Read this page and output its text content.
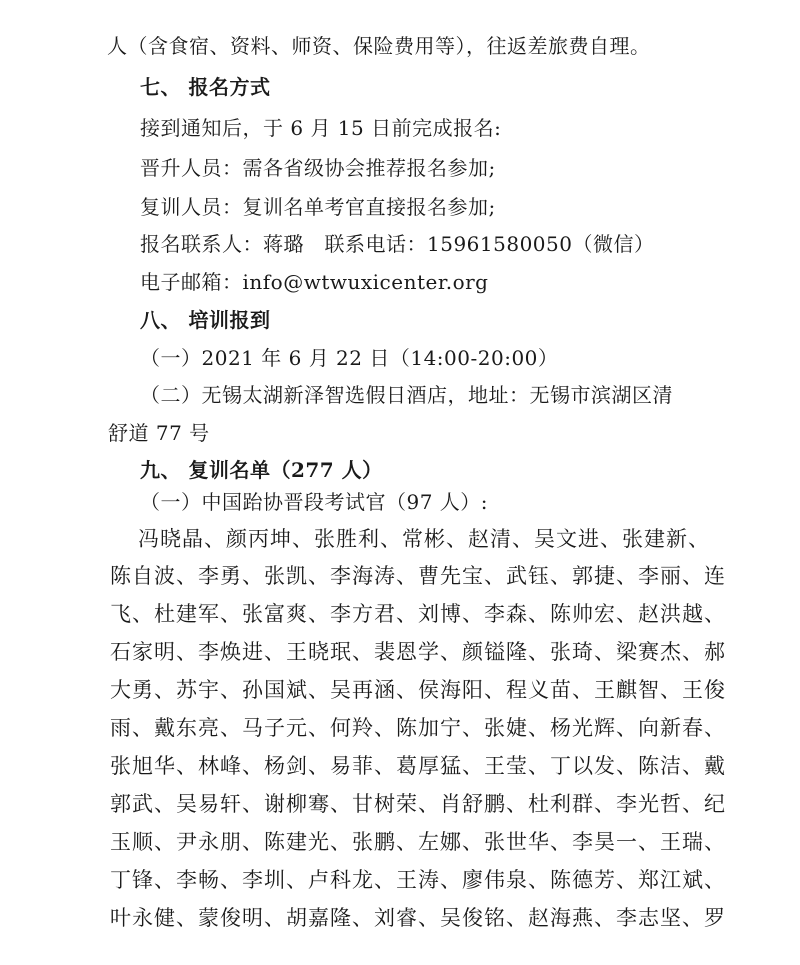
人（含食宿、资料、师资、保险费用等），往返差旅费自理。
七、 报名方式
接到通知后，于 6 月 15 日前完成报名:
晋升人员：需各省级协会推荐报名参加;
复训人员：复训名单考官直接报名参加;
报名联系人：蒋璐　联系电话：15961580050（微信）
电子邮箱：info@wtwuxicenter.org
八、 培训报到
（一）2021 年 6 月 22 日（14:00-20:00）
（二）无锡太湖新泽智选假日酒店，地址：无锡市滨湖区清
舒道 77 号
九、 复训名单（277 人）
（一）中国跆协晋段考试官（97 人）:
冯晓晶、颜丙坤、张胜利、常彬、赵清、吴文进、张建新、
陈自波、李勇、张凯、李海涛、曹先宝、武钰、郭捷、李丽、连
飞、杜建军、张富爽、李方君、刘博、李森、陈帅宏、赵洪越、
石家明、李焕进、王晓珉、裴恩学、颜镒隆、张琦、梁赛杰、郝
大勇、苏宇、孙国斌、吴再涵、侯海阳、程义苗、王麒智、王俊
雨、戴东亮、马子元、何羚、陈加宁、张婕、杨光辉、向新春、
张旭华、林峰、杨剑、易菲、葛厚猛、王莹、丁以发、陈洁、戴
郭武、吴易轩、谢柳骞、甘树荣、肖舒鹏、杜利群、李光哲、纪
玉顺、尹永朋、陈建光、张鹏、左娜、张世华、李昊一、王瑞、
丁锋、李畅、李圳、卢科龙、王涛、廖伟泉、陈德芳、郑江斌、
叶永健、蒙俊明、胡嘉隆、刘睿、吴俊铭、赵海燕、李志坚、罗
